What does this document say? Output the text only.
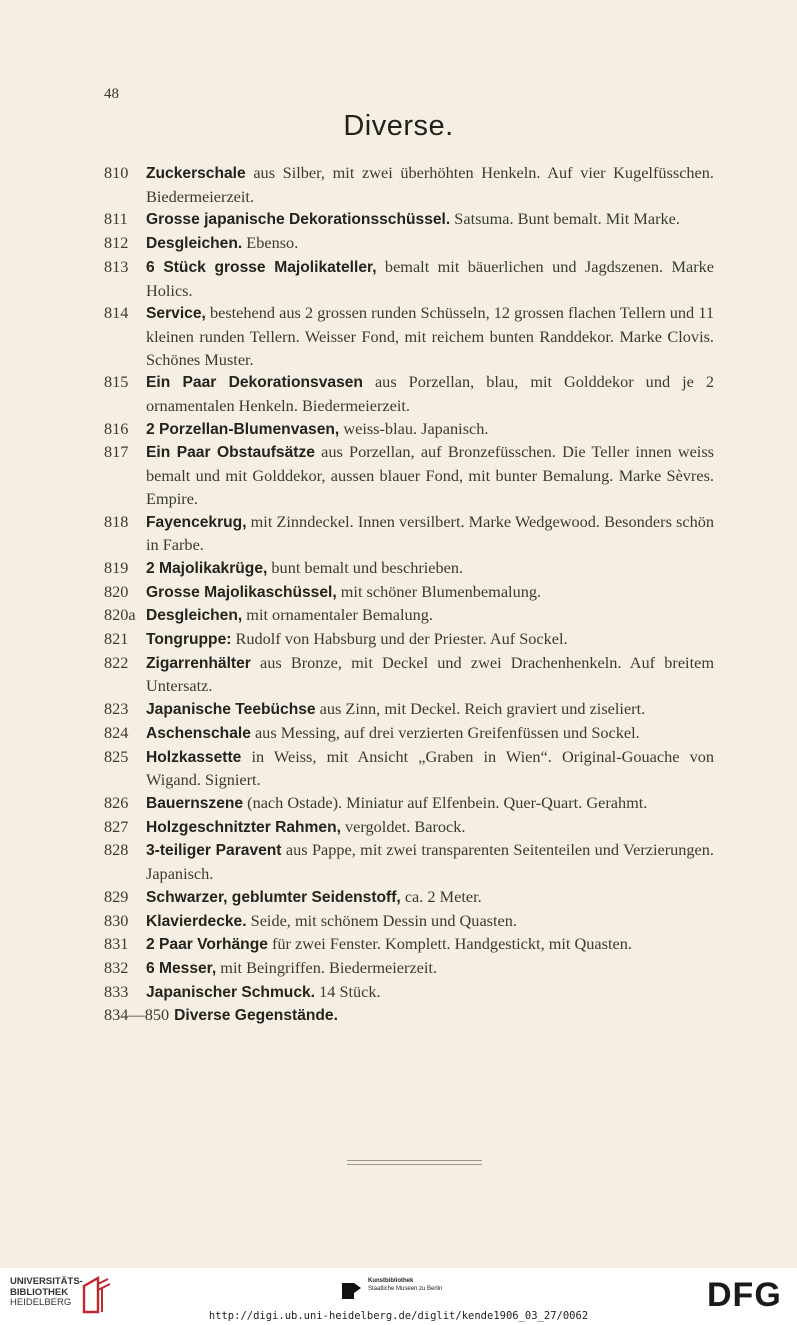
48
Diverse.
810	Zuckerschale aus Silber, mit zwei überhöhten Henkeln. Auf vier Kugelfüsschen. Biedermeierzeit.
811	Grosse japanische Dekorationsschüssel. Satsuma. Bunt bemalt. Mit Marke.
812	Desgleichen. Ebenso.
813	6 Stück grosse Majolikateller, bemalt mit bäuerlichen und Jagdszenen. Marke Holics.
814	Service, bestehend aus 2 grossen runden Schüsseln, 12 grossen flachen Tellern und 11 kleinen runden Tellern. Weisser Fond, mit reichem bunten Randdekor. Marke Clovis. Schönes Muster.
815	Ein Paar Dekorationsvasen aus Porzellan, blau, mit Golddekor und je 2 ornamentalen Henkeln. Biedermeierzeit.
816	2 Porzellan-Blumenvasen, weiss-blau. Japanisch.
817	Ein Paar Obstaufsätze aus Porzellan, auf Bronzefüsschen. Die Teller innen weiss bemalt und mit Golddekor, aussen blauer Fond, mit bunter Bemalung. Marke Sèvres. Empire.
818	Fayencekrug, mit Zinndeckel. Innen versilbert. Marke Wedgewood. Besonders schön in Farbe.
819	2 Majolikakrüge, bunt bemalt und beschrieben.
820	Grosse Majolikaschüssel, mit schöner Blumenbemalung.
820a Desgleichen, mit ornamentaler Bemalung.
821	Tongruppe: Rudolf von Habsburg und der Priester. Auf Sockel.
822	Zigarrenhälter aus Bronze, mit Deckel und zwei Drachenhenkeln. Auf breitem Untersatz.
823	Japanische Teebüchse aus Zinn, mit Deckel. Reich graviert und ziseliert.
824	Aschenschale aus Messing, auf drei verzierten Greifenfüssen und Sockel.
825	Holzkassette in Weiss, mit Ansicht „Graben in Wien“. Original-Gouache von Wigand. Signiert.
826	Bauernszene (nach Ostade). Miniatur auf Elfenbein. Quer-Quart. Gerahmt.
827	Holzgeschnitzter Rahmen, vergoldet. Barock.
828	3-teiliger Paravent aus Pappe, mit zwei transparenten Seitenteilen und Verzierungen. Japanisch.
829	Schwarzer, geblumter Seidenstoff, ca. 2 Meter.
830	Klavierdecke. Seide, mit schönem Dessin und Quasten.
831	2 Paar Vorhänge für zwei Fenster. Komplett. Handgestickt, mit Quasten.
832	6 Messer, mit Beingriffen. Biedermeierzeit.
833	Japanischer Schmuck. 14 Stück.
834—850 Diverse Gegenstände.
UNIVERSITÄTS-
BIBLIOTHEK
HEIDELBERG
Kunstbibliothek
Staatliche Museen zu Berlin	DFG
http://digi.ub.uni-heidelberg.de/diglit/kende1906_03_27/0062
